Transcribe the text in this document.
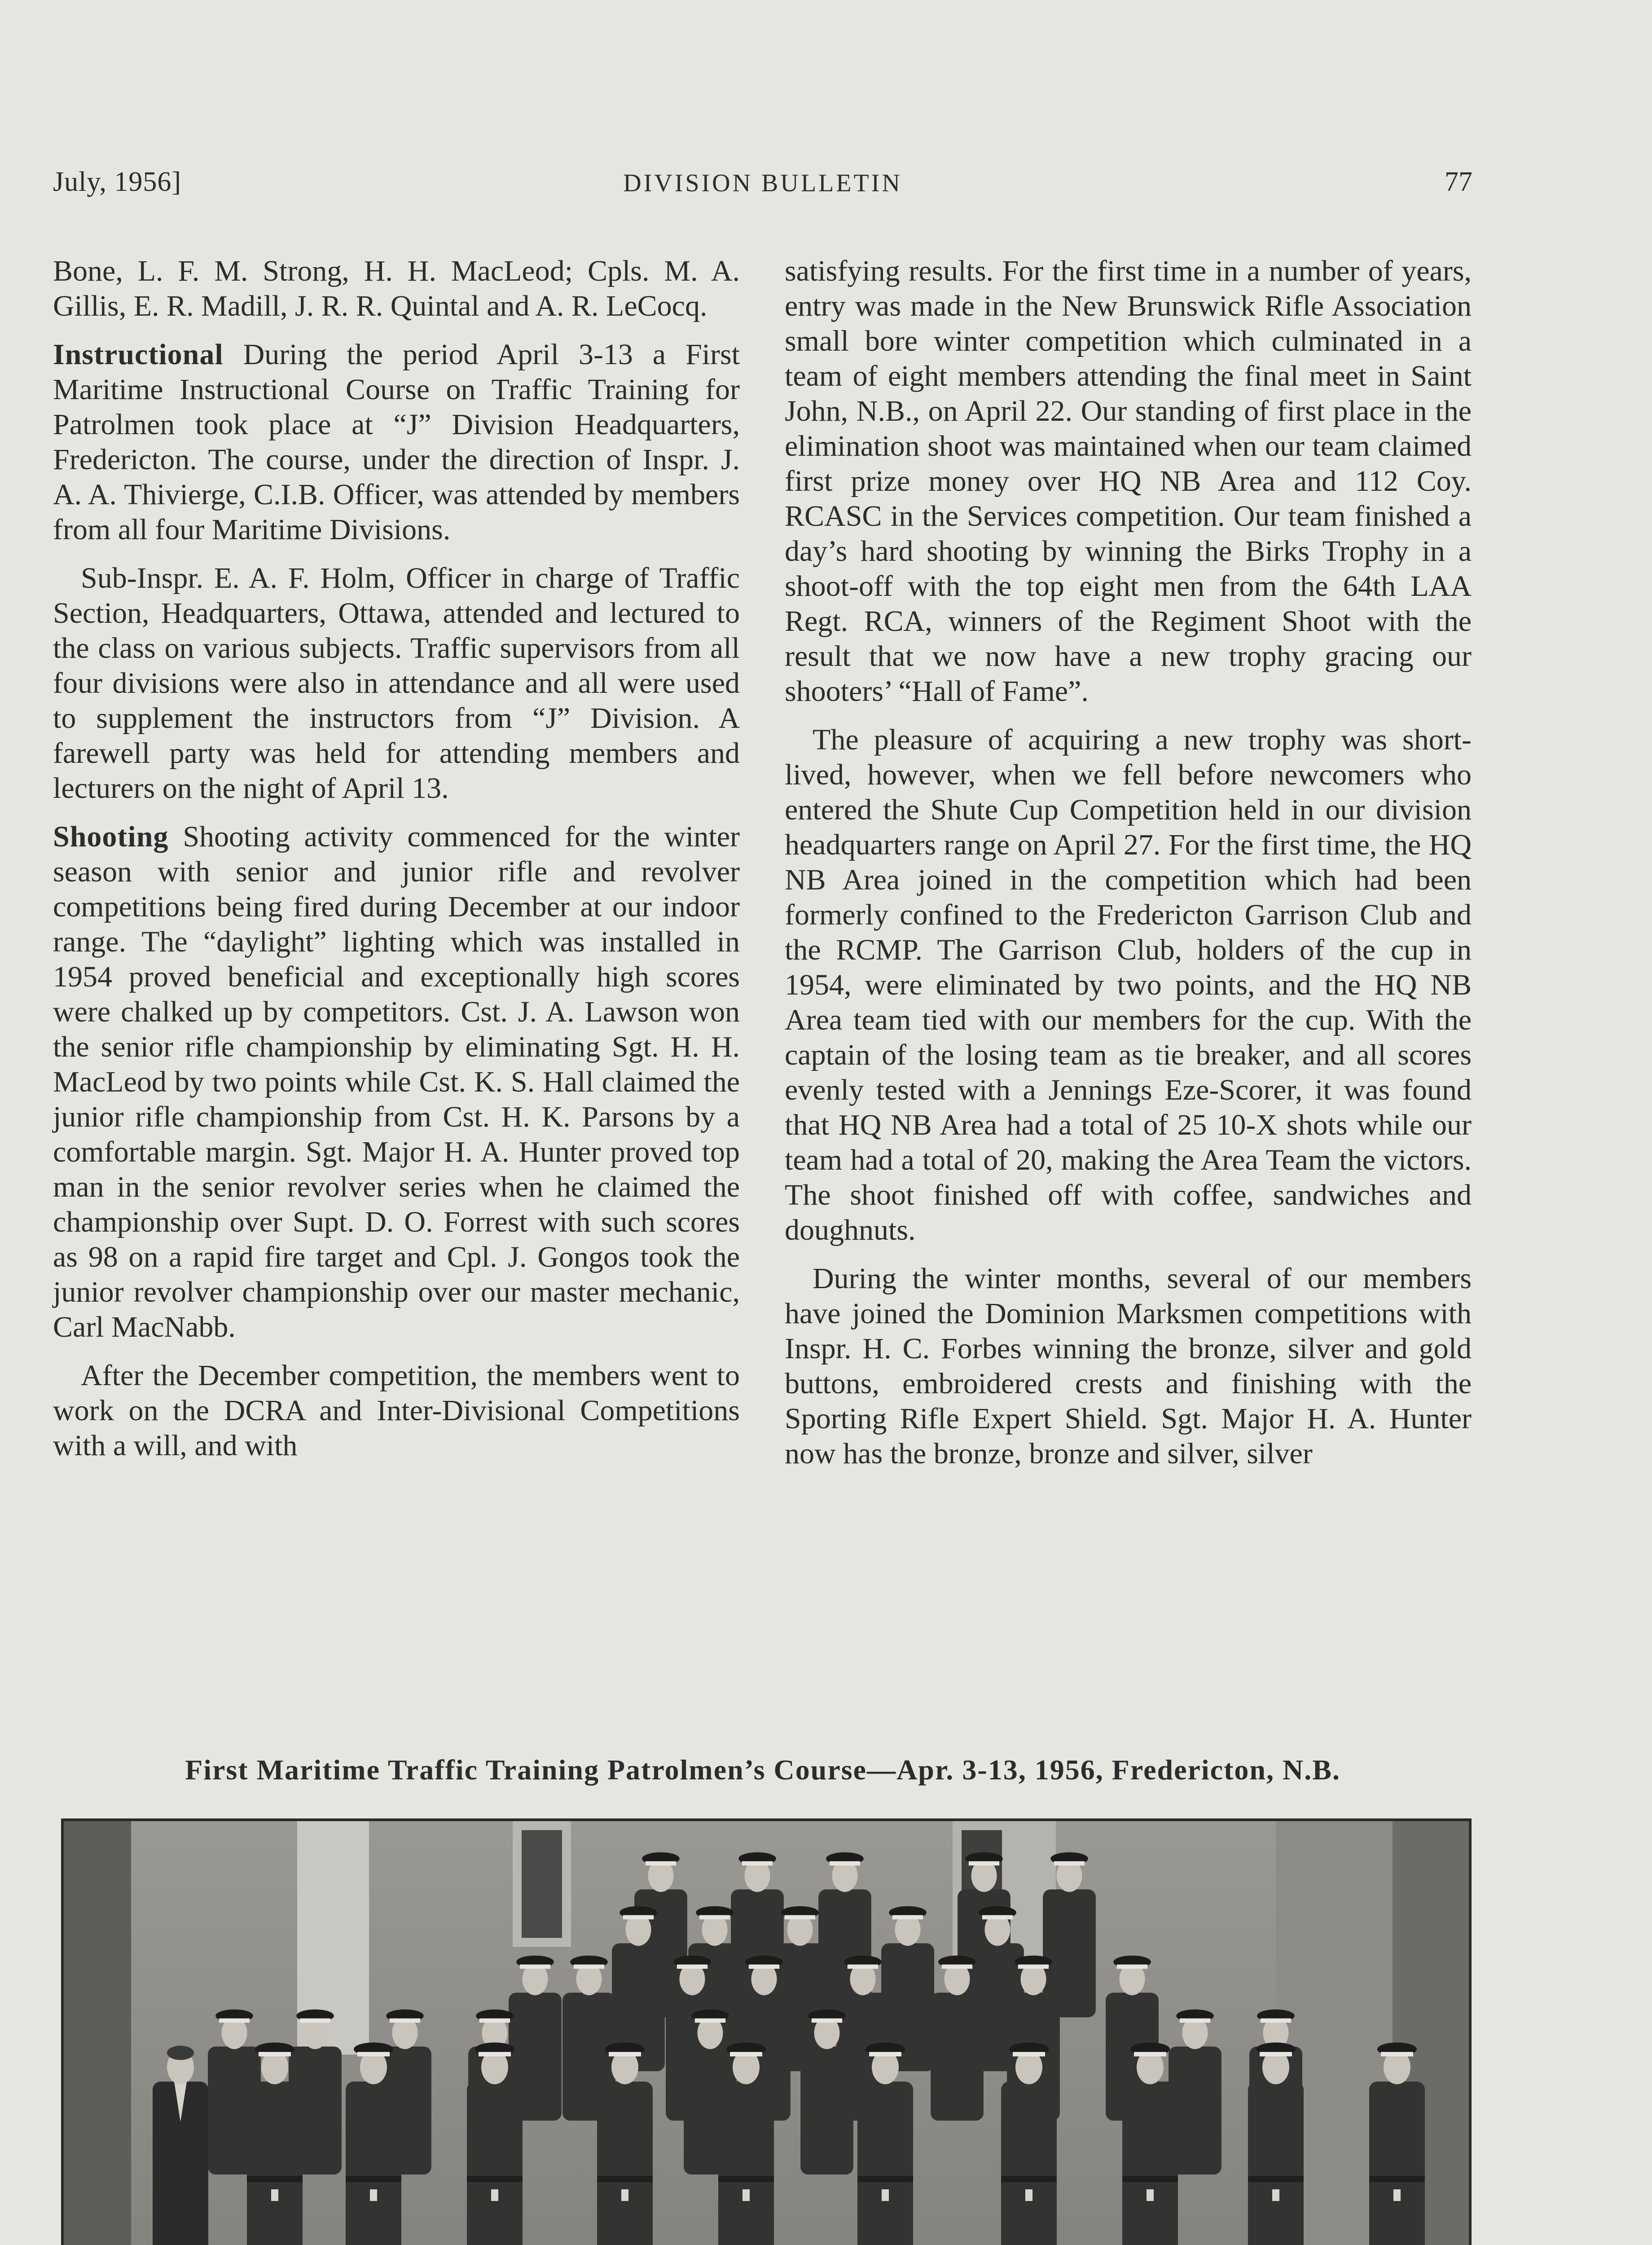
July, 1956]	DIVISION BULLETIN	77

Bone, L. F. M. Strong, H. H. MacLeod; Cpls. M. A. Gillis, E. R. Madill, J. R. R. Quintal and A. R. LeCocq.

Instructional During the period April 3-13 a First Maritime Instructional Course on Traffic Training for Patrolmen took place at “J” Division Headquarters, Fredericton. The course, under the direction of Inspr. J. A. A. Thivierge, C.I.B. Officer, was attended by members from all four Maritime Divisions.

Sub-Inspr. E. A. F. Holm, Officer in charge of Traffic Section, Headquarters, Ottawa, attended and lectured to the class on various subjects. Traffic supervisors from all four divisions were also in attendance and all were used to supplement the instructors from “J” Division. A farewell party was held for attending members and lecturers on the night of April 13.

Shooting Shooting activity commenced for the winter season with senior and junior rifle and revolver competitions being fired during December at our indoor range. The “daylight” lighting which was installed in 1954 proved beneficial and exceptionally high scores were chalked up by competitors. Cst. J. A. Lawson won the senior rifle championship by eliminating Sgt. H. H. MacLeod by two points while Cst. K. S. Hall claimed the junior rifle championship from Cst. H. K. Parsons by a comfortable margin. Sgt. Major H. A. Hunter proved top man in the senior revolver series when he claimed the championship over Supt. D. O. Forrest with such scores as 98 on a rapid fire target and Cpl. J. Gongos took the junior revolver championship over our master mechanic, Carl MacNabb.

After the December competition, the members went to work on the DCRA and Inter-Divisional Competitions with a will, and with

satisfying results. For the first time in a number of years, entry was made in the New Brunswick Rifle Association small bore winter competition which culminated in a team of eight members attending the final meet in Saint John, N.B., on April 22. Our standing of first place in the elimination shoot was maintained when our team claimed first prize money over HQ NB Area and 112 Coy. RCASC in the Services competition. Our team finished a day’s hard shooting by winning the Birks Trophy in a shoot-off with the top eight men from the 64th LAA Regt. RCA, winners of the Regiment Shoot with the result that we now have a new trophy gracing our shooters’ “Hall of Fame”.

The pleasure of acquiring a new trophy was short-lived, however, when we fell before newcomers who entered the Shute Cup Competition held in our division headquarters range on April 27. For the first time, the HQ NB Area joined in the competition which had been formerly confined to the Fredericton Garrison Club and the RCMP. The Garrison Club, holders of the cup in 1954, were eliminated by two points, and the HQ NB Area team tied with our members for the cup. With the captain of the losing team as tie breaker, and all scores evenly tested with a Jennings Eze-Scorer, it was found that HQ NB Area had a total of 25 10-X shots while our team had a total of 20, making the Area Team the victors. The shoot finished off with coffee, sandwiches and doughnuts.

During the winter months, several of our members have joined the Dominion Marksmen competitions with Inspr. H. C. Forbes winning the bronze, silver and gold buttons, embroidered crests and finishing with the Sporting Rifle Expert Shield. Sgt. Major H. A. Hunter now has the bronze, bronze and silver, silver

First Maritime Traffic Training Patrolmen’s Course—Apr. 3-13, 1956, Fredericton, N.B.
